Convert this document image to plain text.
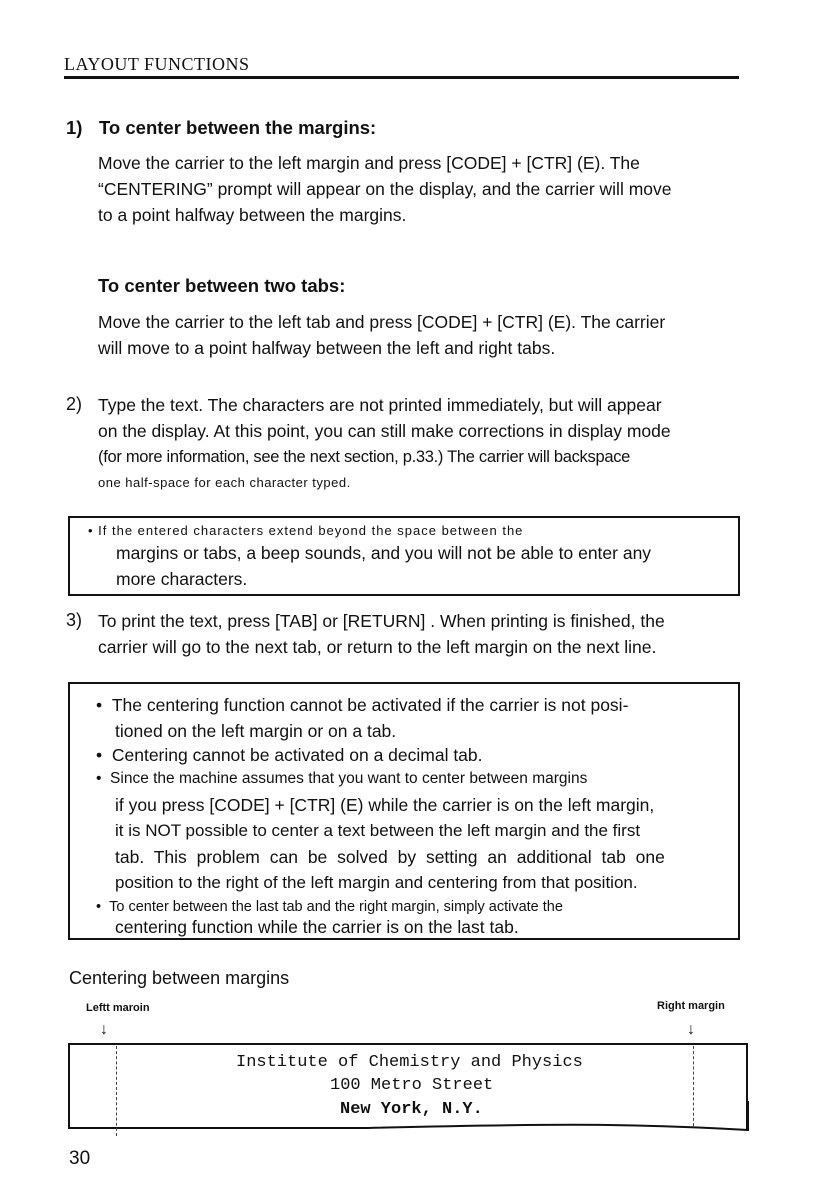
LAYOUT FUNCTIONS
1) To center between the margins:
Move the carrier to the left margin and press [CODE] + [CTR] (E). The
“CENTERING” prompt will appear on the display, and the carrier will move
to a point halfway between the margins.
To center between two tabs:
Move the carrier to the left tab and press [CODE] + [CTR] (E). The carrier
will move to a point halfway between the left and right tabs.
2) Type the text. The characters are not printed immediately, but will appear
on the display. At this point, you can still make corrections in display mode
(for more information, see the next section, p.33.) The carrier will backspace
one half-space for each character typed.
• If the entered characters extend beyond the space between the
margins or tabs, a beep sounds, and you will not be able to enter any
more characters.
3) To print the text, press [TAB] or [RETURN] . When printing is finished, the
carrier will go to the next tab, or return to the left margin on the next line.
•  The centering function cannot be activated if the carrier is not posi-
tioned on the left margin or on a tab.
•  Centering cannot be activated on a decimal tab.
•  Since the machine assumes that you want to center between margins
if you press [CODE] + [CTR] (E) while the carrier is on the left margin,
it is NOT possible to center a text between the left margin and the first
tab. This problem can be solved by setting an additional tab one
position to the right of the left margin and centering from that position.
•  To center between the last tab and the right margin, simply activate the
centering function while the carrier is on the last tab.
Centering between margins
Leftt maroin	Right margin
↓	↓
Institute of Chemistry and Physics
100 Metro Street
New York, N.Y.
30
